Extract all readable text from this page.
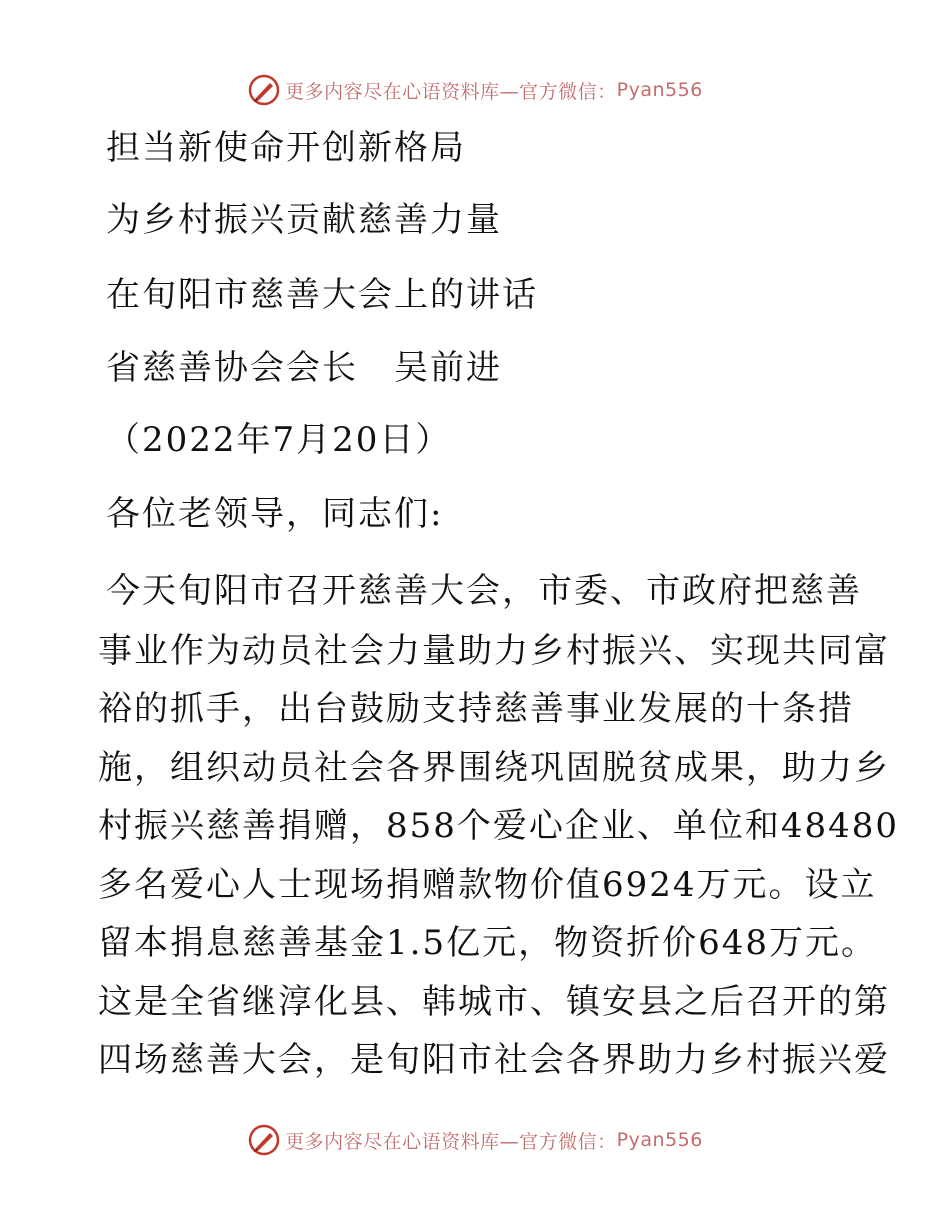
更多内容尽在心语资料库—官方微信： Pyan556
担当新使命开创新格局
为乡村振兴贡献慈善力量
在旬阳市慈善大会上的讲话
省慈善协会会长　吴前进
（2022年7月20日）
各位老领导，同志们:
今天旬阳市召开慈善大会，市委、市政府把慈善
事业作为动员社会力量助力乡村振兴、实现共同富
裕的抓手，出台鼓励支持慈善事业发展的十条措
施，组织动员社会各界围绕巩固脱贫成果，助力乡
村振兴慈善捐赠，858个爱心企业、单位和48480
多名爱心人士现场捐赠款物价值6924万元。设立
留本捐息慈善基金1.5亿元，物资折价648万元。
这是全省继淳化县、韩城市、镇安县之后召开的第
四场慈善大会，是旬阳市社会各界助力乡村振兴爱
更多内容尽在心语资料库—官方微信： Pyan556
